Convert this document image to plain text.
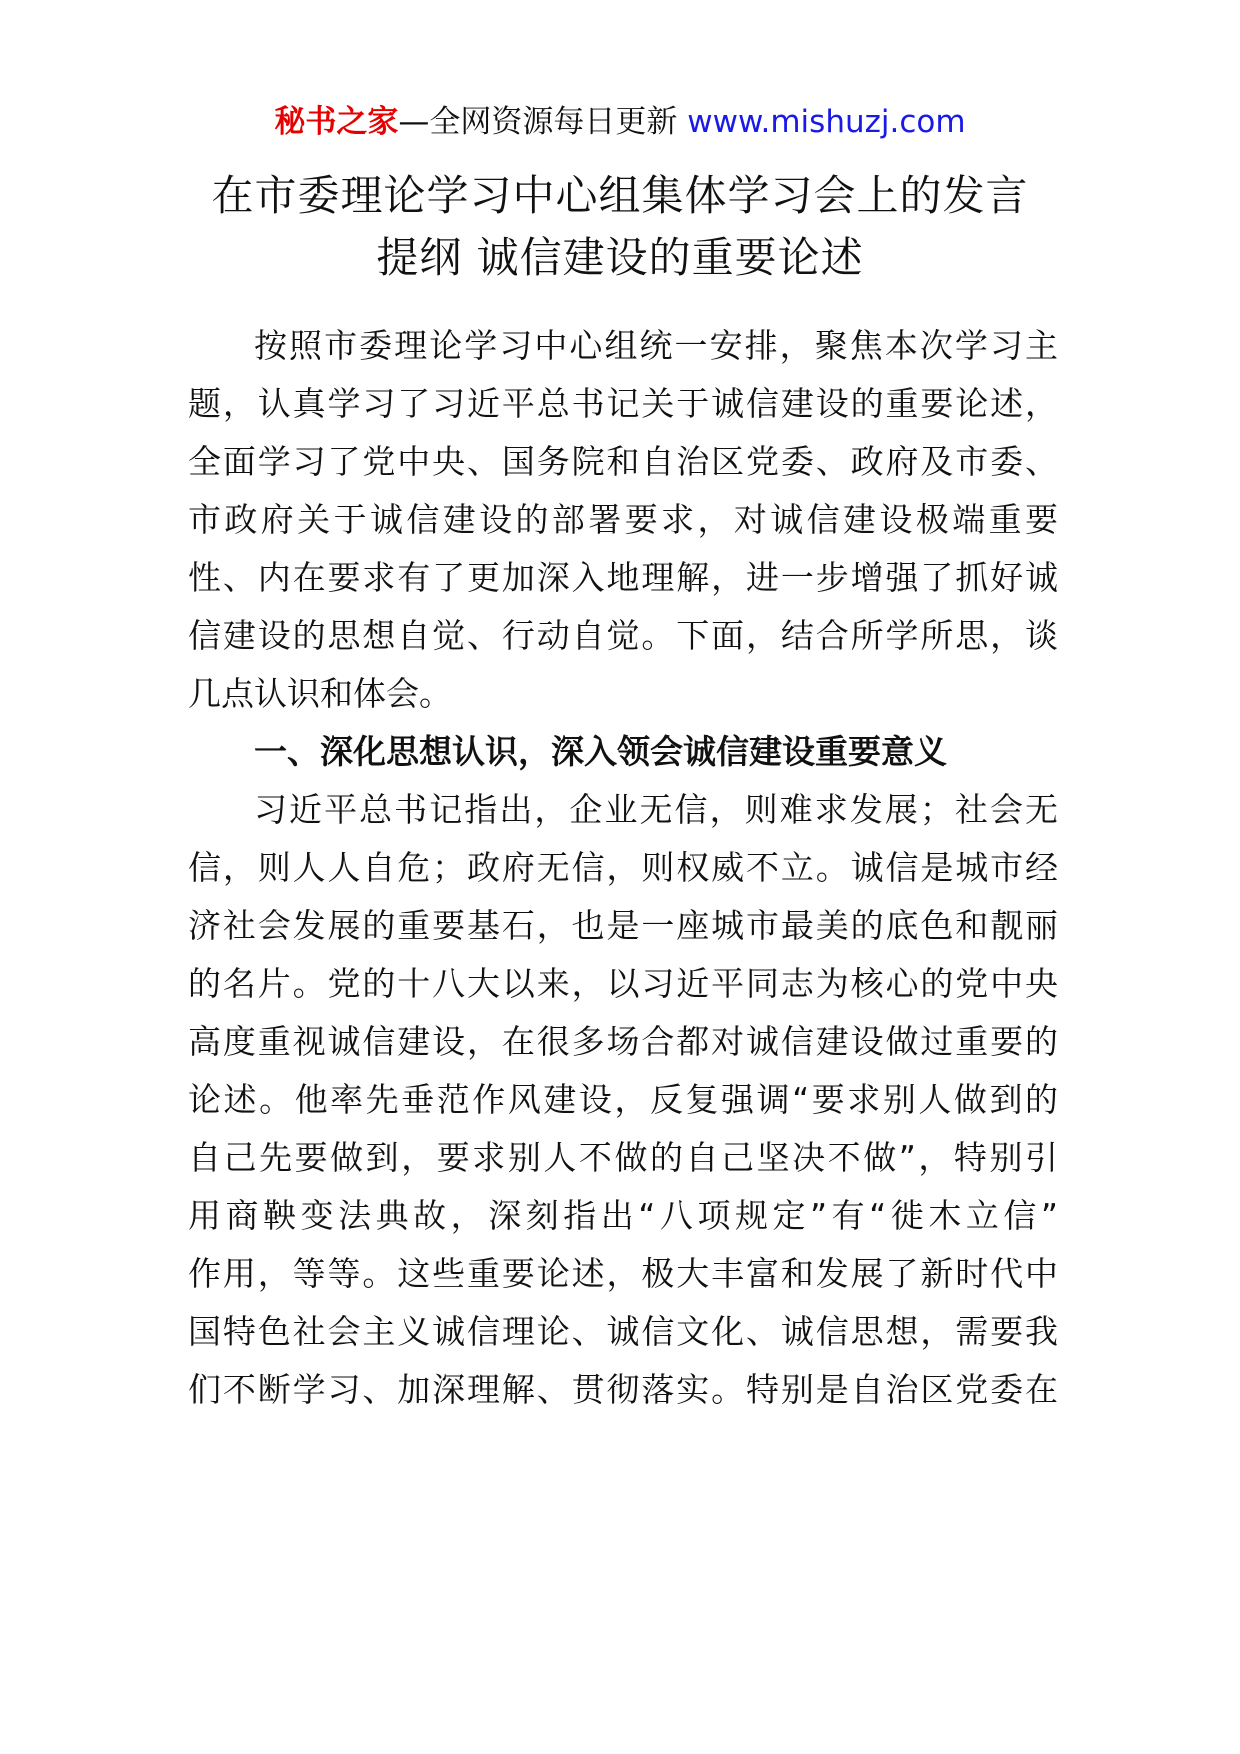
秘书之家—全网资源每日更新 www.mishuzj.com
在市委理论学习中心组集体学习会上的发言
提纲 诚信建设的重要论述
按照市委理论学习中心组统一安排，聚焦本次学习主
题，认真学习了习近平总书记关于诚信建设的重要论述，
全面学习了党中央、国务院和自治区党委、政府及市委、
市政府关于诚信建设的部署要求，对诚信建设极端重要
性、内在要求有了更加深入地理解，进一步增强了抓好诚
信建设的思想自觉、行动自觉。下面，结合所学所思，谈
几点认识和体会。
一、深化思想认识，深入领会诚信建设重要意义
习近平总书记指出，企业无信，则难求发展；社会无
信，则人人自危；政府无信，则权威不立。诚信是城市经
济社会发展的重要基石，也是一座城市最美的底色和靓丽
的名片。党的十八大以来，以习近平同志为核心的党中央
高度重视诚信建设，在很多场合都对诚信建设做过重要的
论述。他率先垂范作风建设，反复强调“要求别人做到的
自己先要做到，要求别人不做的自己坚决不做”，特别引
用商鞅变法典故，深刻指出“八项规定”有“徙木立信”
作用，等等。这些重要论述，极大丰富和发展了新时代中
国特色社会主义诚信理论、诚信文化、诚信思想，需要我
们不断学习、加深理解、贯彻落实。特别是自治区党委在
